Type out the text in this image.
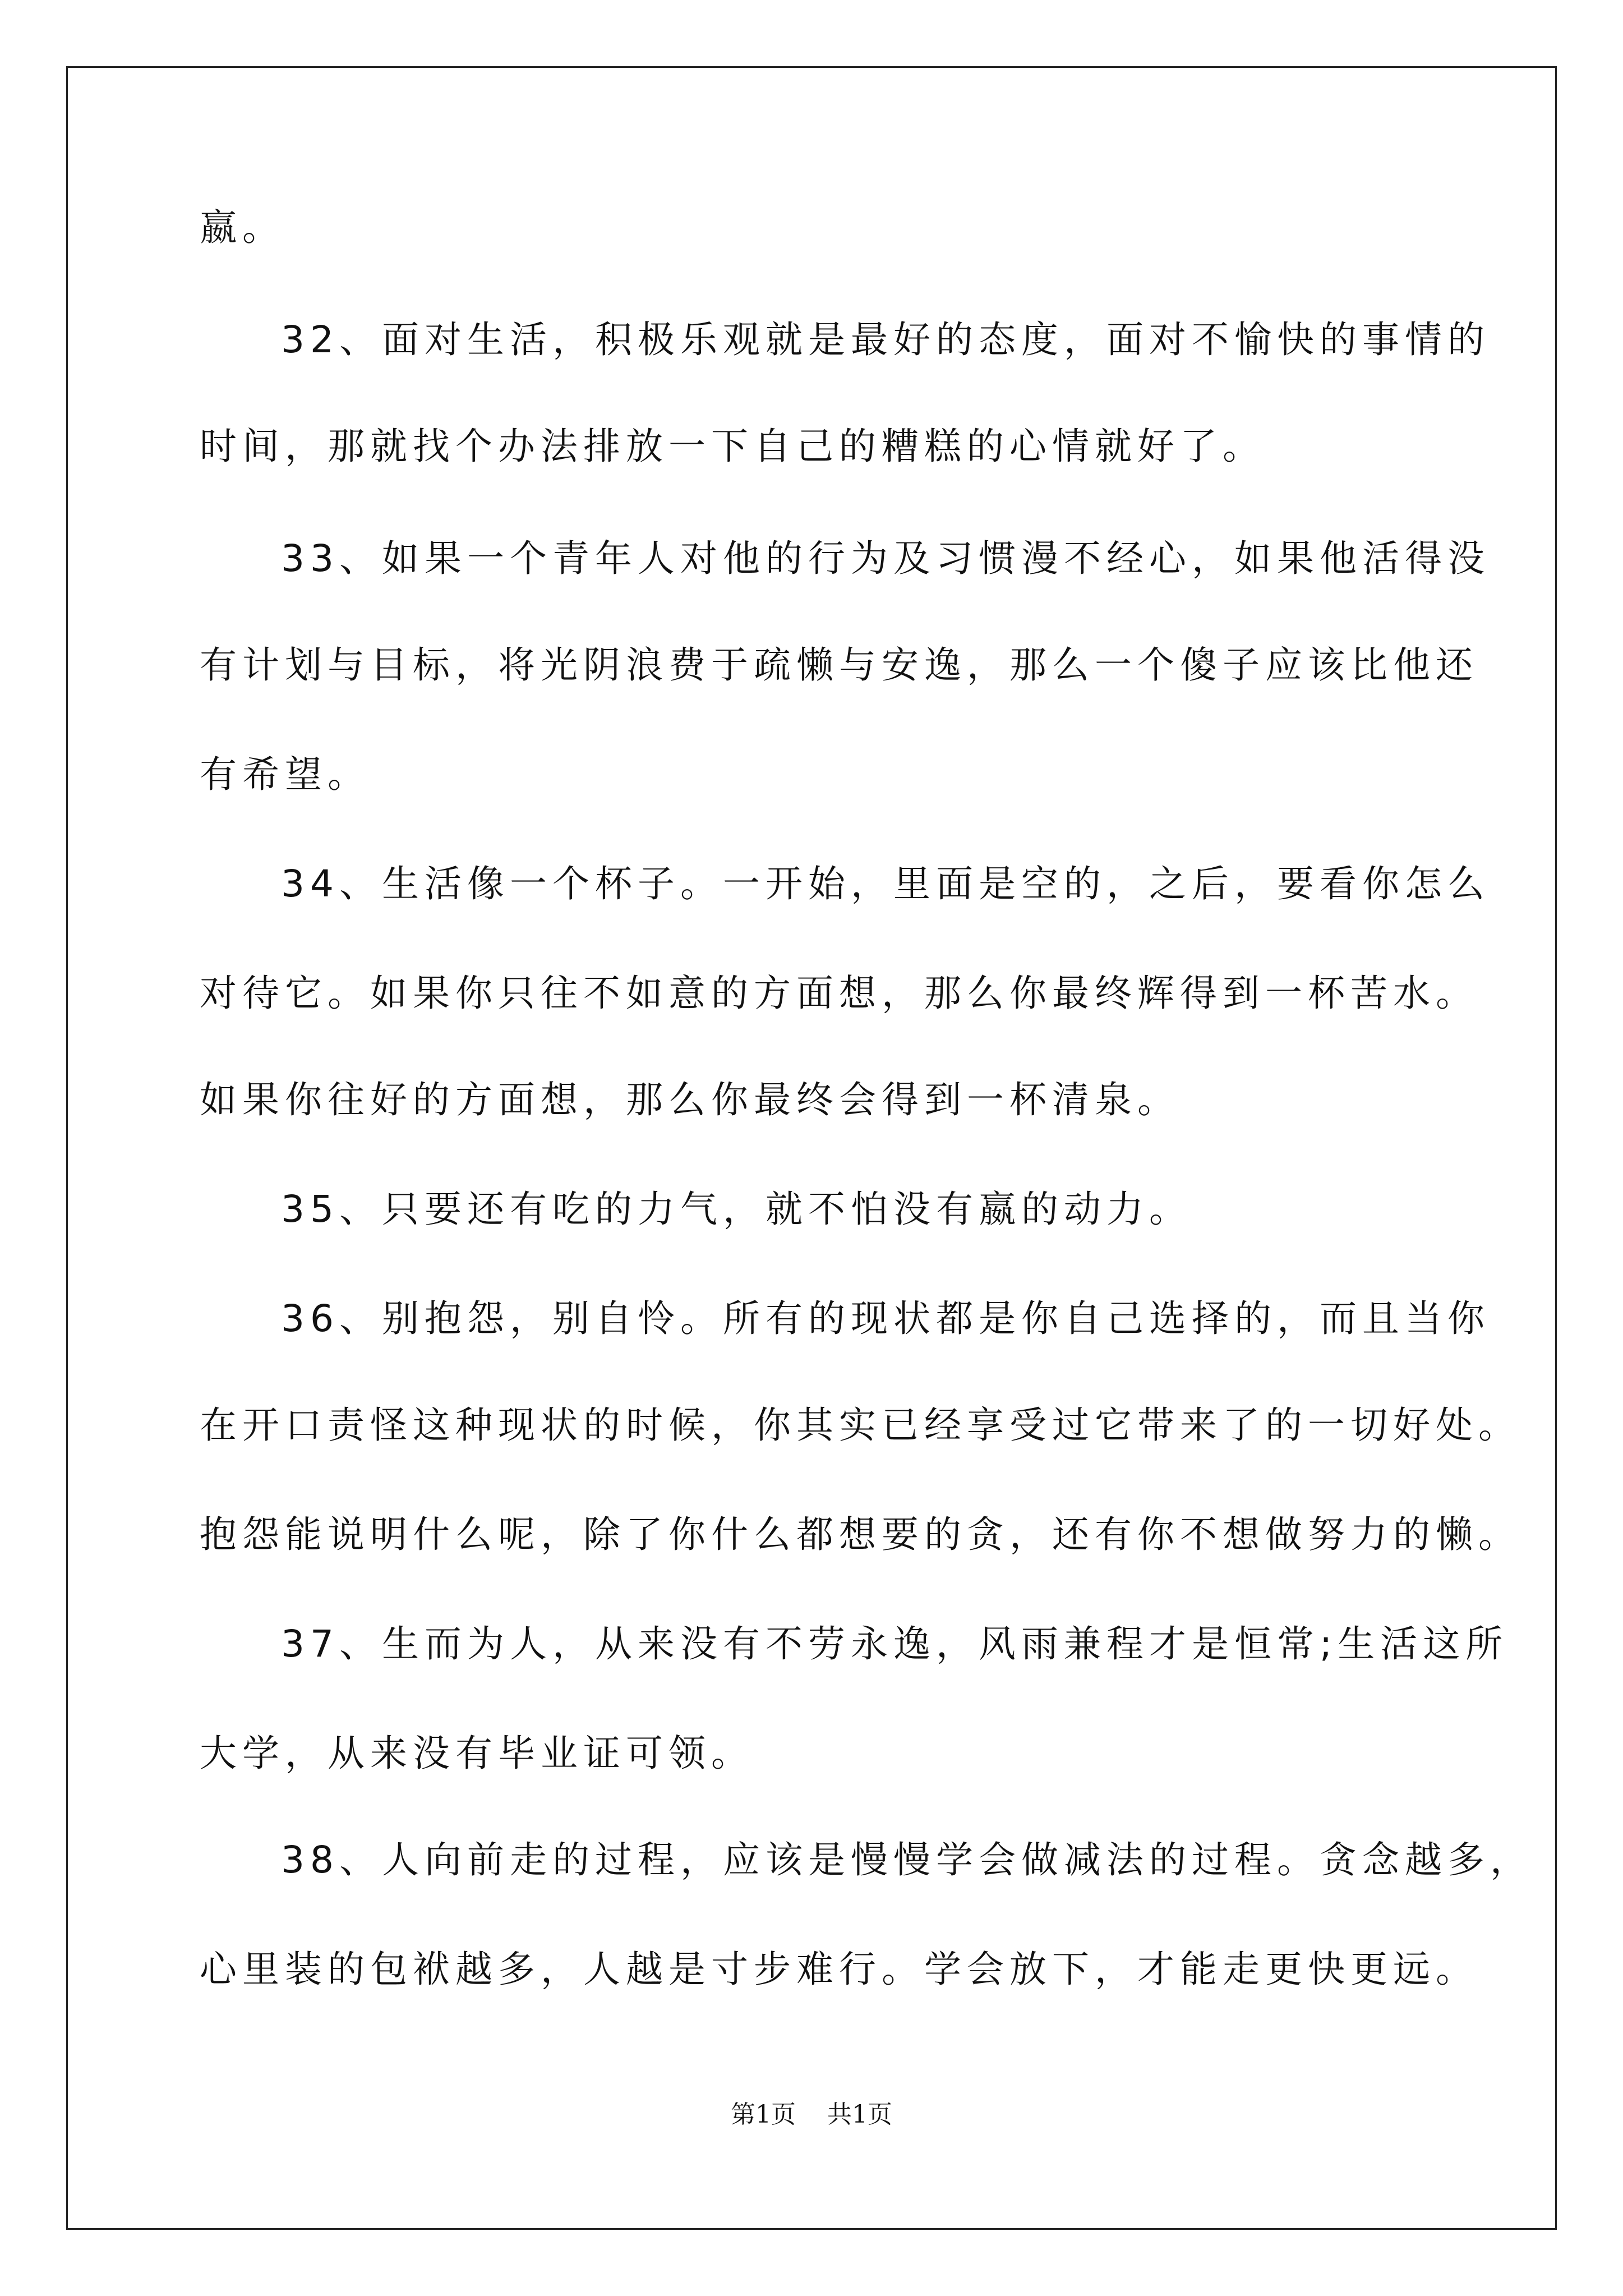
嬴。
32、面对生活，积极乐观就是最好的态度，面对不愉快的事情的
时间，那就找个办法排放一下自己的糟糕的心情就好了。
33、如果一个青年人对他的行为及习惯漫不经心，如果他活得没
有计划与目标，将光阴浪费于疏懒与安逸，那么一个傻子应该比他还
有希望。
34、生活像一个杯子。一开始，里面是空的，之后，要看你怎么
对待它。如果你只往不如意的方面想，那么你最终辉得到一杯苦水。
如果你往好的方面想，那么你最终会得到一杯清泉。
35、只要还有吃的力气，就不怕没有嬴的动力。
36、别抱怨，别自怜。所有的现状都是你自己选择的，而且当你
在开口责怪这种现状的时候，你其实已经享受过它带来了的一切好处。
抱怨能说明什么呢，除了你什么都想要的贪，还有你不想做努力的懒。
37、生而为人，从来没有不劳永逸，风雨兼程才是恒常;生活这所
大学，从来没有毕业证可领。
38、人向前走的过程，应该是慢慢学会做减法的过程。贪念越多，
心里装的包袱越多，人越是寸步难行。学会放下，才能走更快更远。
第1页 共1页
